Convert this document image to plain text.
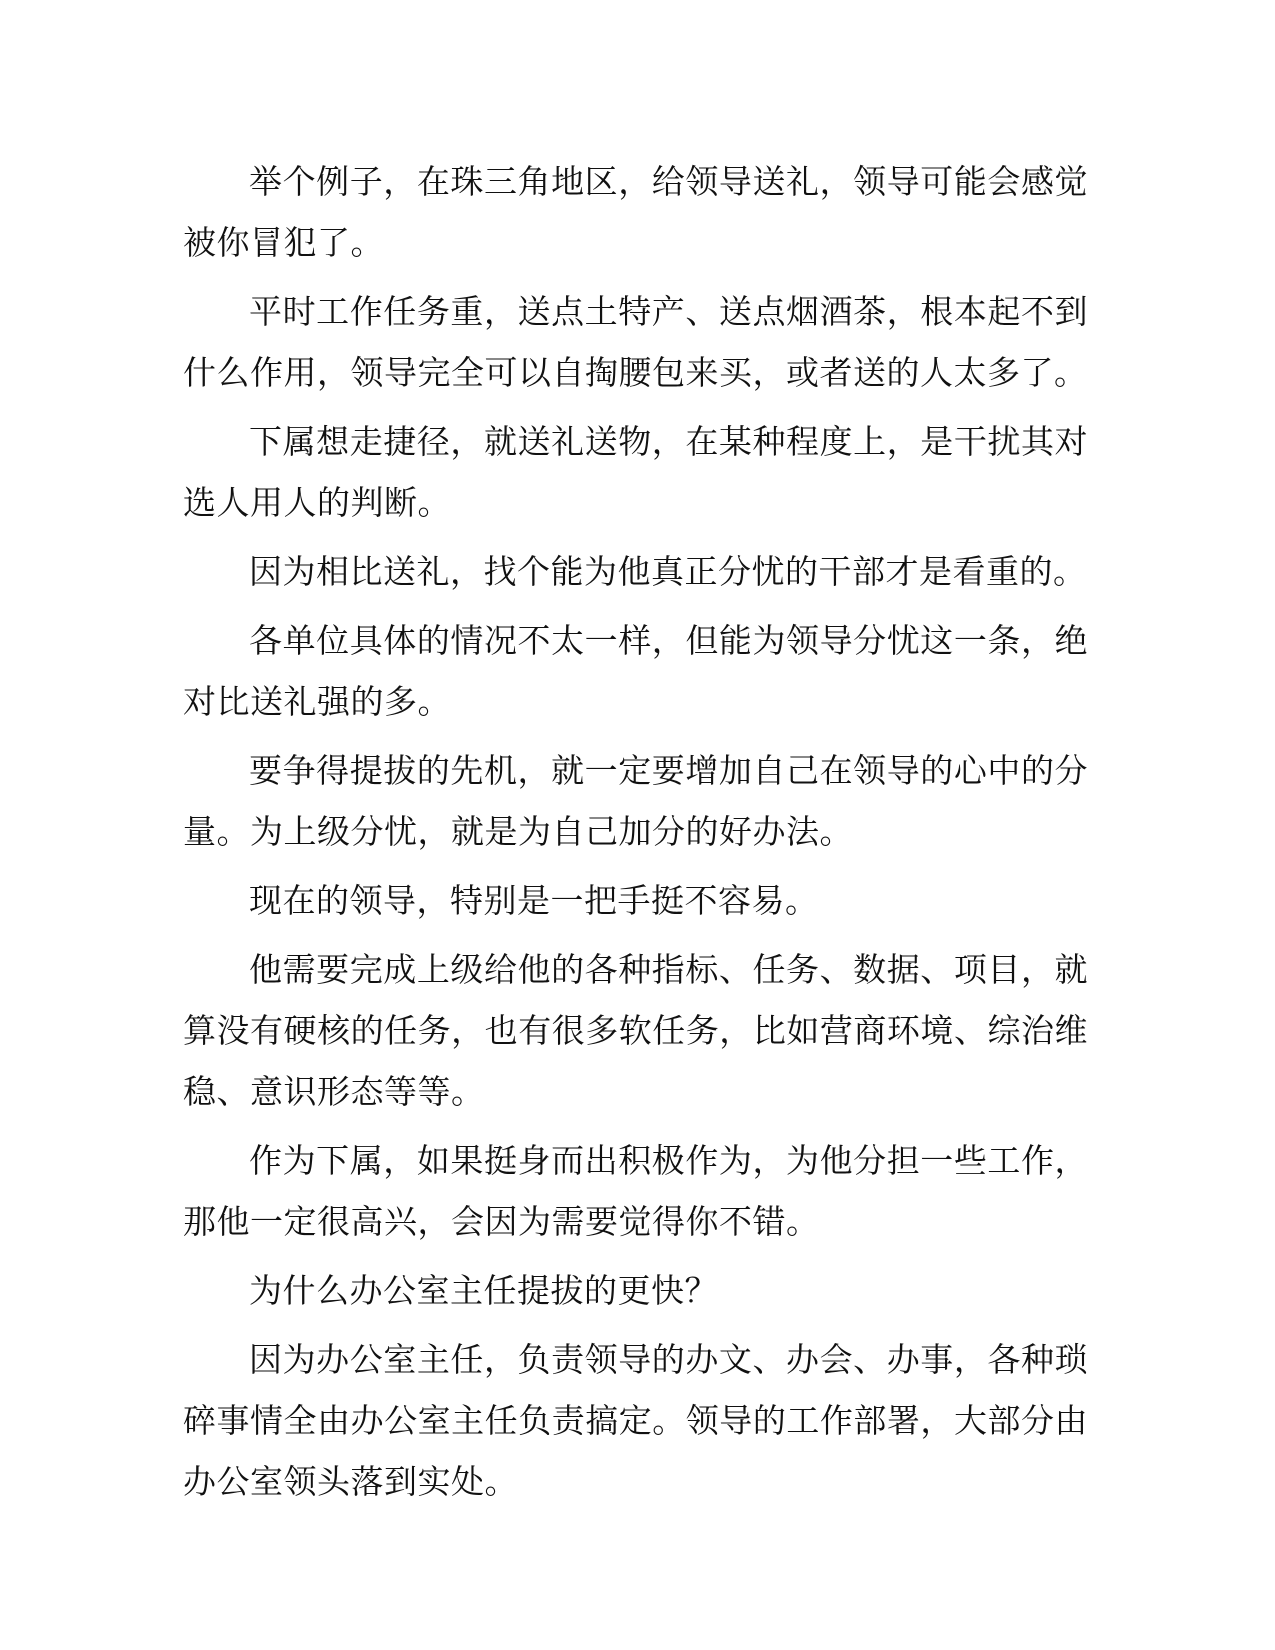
举个例子，在珠三角地区，给领导送礼，领导可能会感觉被你冒犯了。

平时工作任务重，送点土特产、送点烟酒茶，根本起不到什么作用，领导完全可以自掏腰包来买，或者送的人太多了。

下属想走捷径，就送礼送物，在某种程度上，是干扰其对选人用人的判断。

因为相比送礼，找个能为他真正分忧的干部才是看重的。

各单位具体的情况不太一样，但能为领导分忧这一条，绝对比送礼强的多。

要争得提拔的先机，就一定要增加自己在领导的心中的分量。为上级分忧，就是为自己加分的好办法。

现在的领导，特别是一把手挺不容易。

他需要完成上级给他的各种指标、任务、数据、项目，就算没有硬核的任务，也有很多软任务，比如营商环境、综治维稳、意识形态等等。

作为下属，如果挺身而出积极作为，为他分担一些工作，那他一定很高兴，会因为需要觉得你不错。

为什么办公室主任提拔的更快？

因为办公室主任，负责领导的办文、办会、办事，各种琐碎事情全由办公室主任负责搞定。领导的工作部署，大部分由办公室领头落到实处。
